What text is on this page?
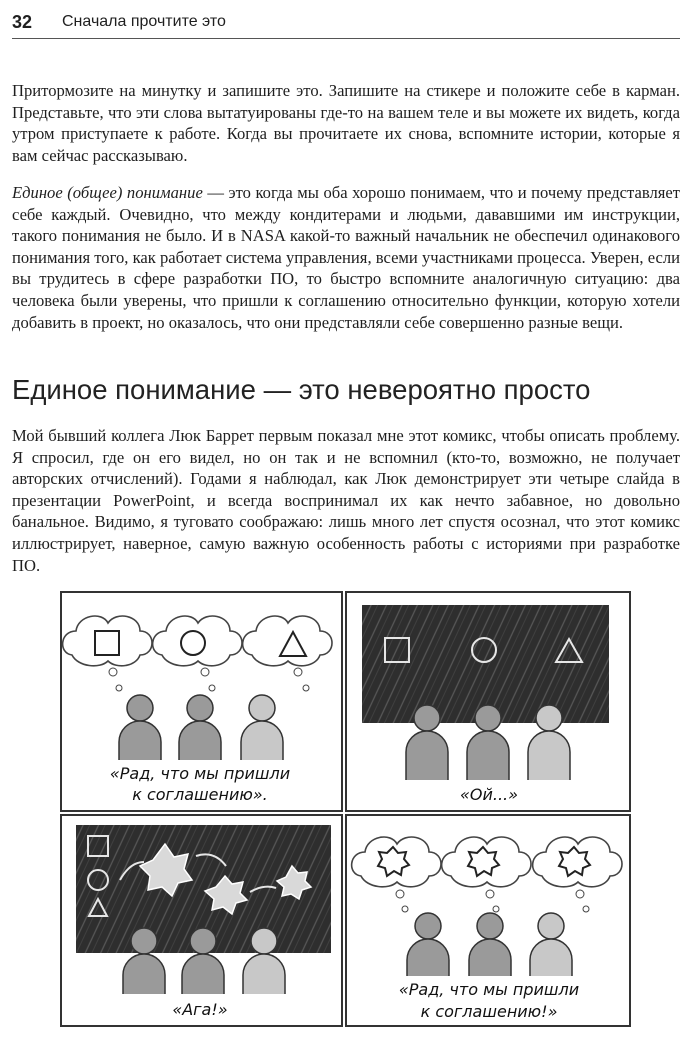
32 Сначала прочтите это

Притормозите на минутку и запишите это. Запишите на стикере и положите себе в карман. Представьте, что эти слова вытатуированы где-то на вашем теле и вы можете их видеть, когда утром приступаете к работе. Когда вы прочитаете их снова, вспомните истории, которые я вам сейчас рассказываю.

Единое (общее) понимание — это когда мы оба хорошо понимаем, что и почему представляет себе каждый. Очевидно, что между кондитерами и людьми, дававшими им инструкции, такого понимания не было. И в NASA какой-то важный начальник не обеспечил одинакового понимания того, как работает система управления, всеми участниками процесса. Уверен, если вы трудитесь в сфере разработки ПО, то быстро вспомните аналогичную ситуацию: два человека были уверены, что пришли к соглашению относительно функции, которую хотели добавить в проект, но оказалось, что они представляли себе совершенно разные вещи.

Единое понимание — это невероятно просто

Мой бывший коллега Люк Баррет первым показал мне этот комикс, чтобы описать проблему. Я спросил, где он его видел, но он так и не вспомнил (кто-то, возможно, не получает авторских отчислений). Годами я наблюдал, как Люк демонстрирует эти четыре слайда в презентации PowerPoint, и всегда воспринимал их как нечто забавное, но довольно банальное. Видимо, я туговато соображаю: лишь много лет спустя осознал, что этот комикс иллюстрирует, наверное, самую важную особенность работы с историями при разработке ПО.

«Рад, что мы пришли
к соглашению».	«Ой...»
«Ага!»
«Рад, что мы пришли
к соглашению!»
